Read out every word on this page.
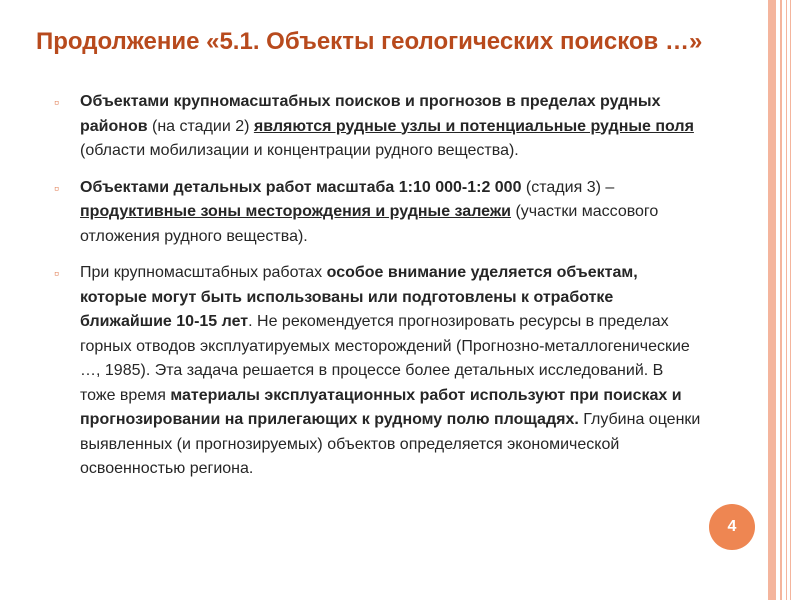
Продолжение «5.1. Объекты геологических поисков …»
▫ Объектами крупномасштабных поисков и прогнозов в пределах рудных районов (на стадии 2) являются рудные узлы и потенциальные рудные поля (области мобилизации и концентрации рудного вещества).
▫ Объектами детальных работ масштаба 1:10 000-1:2 000 (стадия 3) – продуктивные зоны месторождения и рудные залежи (участки массового отложения рудного вещества).
▫ При крупномасштабных работах особое внимание уделяется объектам, которые могут быть использованы или подготовлены к отработке ближайшие 10-15 лет. Не рекомендуется прогнозировать ресурсы в пределах горных отводов эксплуатируемых месторождений (Прогнозно-металлогенические …, 1985). Эта задача решается в процессе более детальных исследований. В тоже время материалы эксплуатационных работ используют при поисках и прогнозировании на прилегающих к рудному полю площадях. Глубина оценки выявленных (и прогнозируемых) объектов определяется экономической освоенностью региона.
4
